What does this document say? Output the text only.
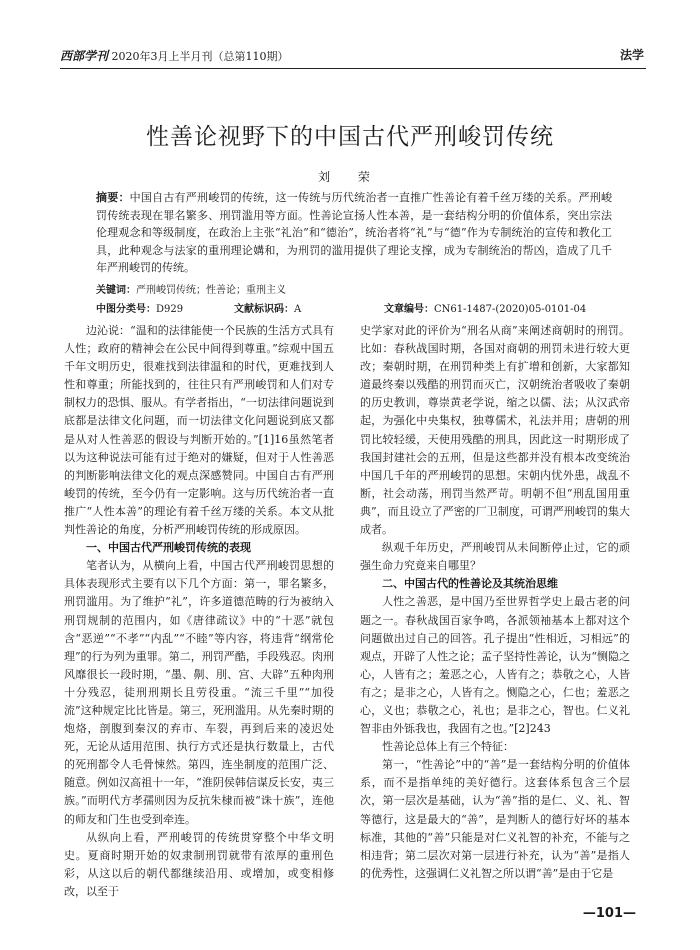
西部学刊 2020年3月上半月刊（总第110期）	法学
性善论视野下的中国古代严刑峻罚传统
刘 荣

摘要：中国自古有严刑峻罚的传统，这一传统与历代统治者一直推广性善论有着千丝万缕的关系。严刑峻罚传统表现在罪名繁多、刑罚滥用等方面。性善论宣扬人性本善，是一套结构分明的价值体系，突出宗法伦理观念和等级制度，在政治上主张“礼治”和“德治”，统治者将“礼”与“德”作为专制统治的宣传和教化工具，此种观念与法家的重刑理论媾和，为刑罚的滥用提供了理论支撑，成为专制统治的帮凶，造成了几千年严刑峻罚的传统。

关键词：严刑峻罚传统；性善论；重刑主义
中图分类号：D929	文献标识码：A	文章编号：CN61-1487-(2020)05-0101-04

边沁说：“温和的法律能使一个民族的生活方式具有人性；政府的精神会在公民中间得到尊重。”综观中国五千年文明历史，很难找到法律温和的时代，更难找到人性和尊重；所能找到的，往往只有严刑峻罚和人们对专制权力的恐惧、服从。有学者指出，“一切法律问题说到底都是法律文化问题，而一切法律文化问题说到底又都是从对人性善恶的假设与判断开始的。”[1]16虽然笔者以为这种说法可能有过于绝对的嫌疑，但对于人性善恶的判断影响法律文化的观点深感赞同。中国自古有严刑峻罚的传统，至今仍有一定影响。这与历代统治者一直推广“人性本善”的理论有着千丝万缕的关系。本文从批判性善论的角度，分析严刑峻罚传统的形成原因。

一、中国古代严刑峻罚传统的表现

笔者认为，从横向上看，中国古代严刑峻罚思想的具体表现形式主要有以下几个方面：第一，罪名繁多，刑罚滥用。为了维护“礼”，许多道德范畴的行为被纳入刑罚规制的范围内，如《唐律疏议》中的“十恶”就包含“恶逆”“不孝”“内乱”“不睦”等内容，将违背“纲常伦理”的行为列为重罪。第二，刑罚严酷，手段残忍。肉刑风靡很长一段时期，“墨、劓、刖、宫、大辟”五种肉刑十分残忍，徒刑刑期长且劳役重。“流三千里”“加役流”这种规定比比皆是。第三，死刑滥用。从先秦时期的炮烙，剖腹到秦汉的弃市、车裂，再到后来的凌迟处死，无论从适用范围、执行方式还是执行数量上，古代的死刑都令人毛骨悚然。第四，连坐制度的范围广泛、随意。例如汉高祖十一年，“淮阴侯韩信谋反长安，夷三族。”而明代方孝孺则因为反抗朱棣而被“诛十族”，连他的师友和门生也受到牵连。

从纵向上看，严刑峻罚的传统贯穿整个中华文明史。夏商时期开始的奴隶制刑罚就带有浓厚的重刑色彩，从这以后的朝代都继续沿用、或增加，或变相修改，以至于

史学家对此的评价为“刑名从商”来阐述商朝时的刑罚。比如：春秋战国时期，各国对商朝的刑罚未进行较大更改；秦朝时期，在刑罚种类上有扩增和创新，大家都知道最终秦以残酷的刑罚而灭亡，汉朝统治者吸收了秦朝的历史教训，尊崇黄老学说，缩之以儒、法；从汉武帝起，为强化中央集权，独尊儒术，礼法并用；唐朝的刑罚比较轻缓，天使用残酷的刑具，因此这一时期形成了我国封建社会的五刑，但是这些都并没有根本改变统治中国几千年的严刑峻罚的思想。宋朝内忧外患，战乱不断，社会动荡，刑罚当然严苛。明朝不但“刑乱国用重典”，而且设立了严密的厂卫制度，可谓严刑峻罚的集大成者。

纵观千年历史，严刑峻罚从未间断停止过，它的顽强生命力究竟来自哪里？

二、中国古代的性善论及其统治思维

人性之善恶，是中国乃至世界哲学史上最古老的问题之一。春秋战国百家争鸣，各派领袖基本上都对这个问题做出过自己的回答。孔子提出“性相近，习相远”的观点，开辟了人性之论；孟子坚持性善论，认为“恻隐之心，人皆有之；羞恶之心，人皆有之；恭敬之心，人皆有之；是非之心，人皆有之。恻隐之心，仁也；羞恶之心，义也；恭敬之心，礼也；是非之心，智也。仁义礼智非由外铄我也，我固有之也。”[2]243

性善论总体上有三个特征：

第一，“性善论”中的“善”是一套结构分明的价值体系，而不是指单纯的美好德行。这套体系包含三个层次，第一层次是基础，认为“善”指的是仁、义、礼、智等德行，这是最大的“善”，是判断人的德行好坏的基本标准，其他的“善”只能是对仁义礼智的补充，不能与之相违背；第二层次对第一层进行补充，认为“善”是指人的优秀性，这强调仁义礼智之所以谓“善”是由于它是

—101—
